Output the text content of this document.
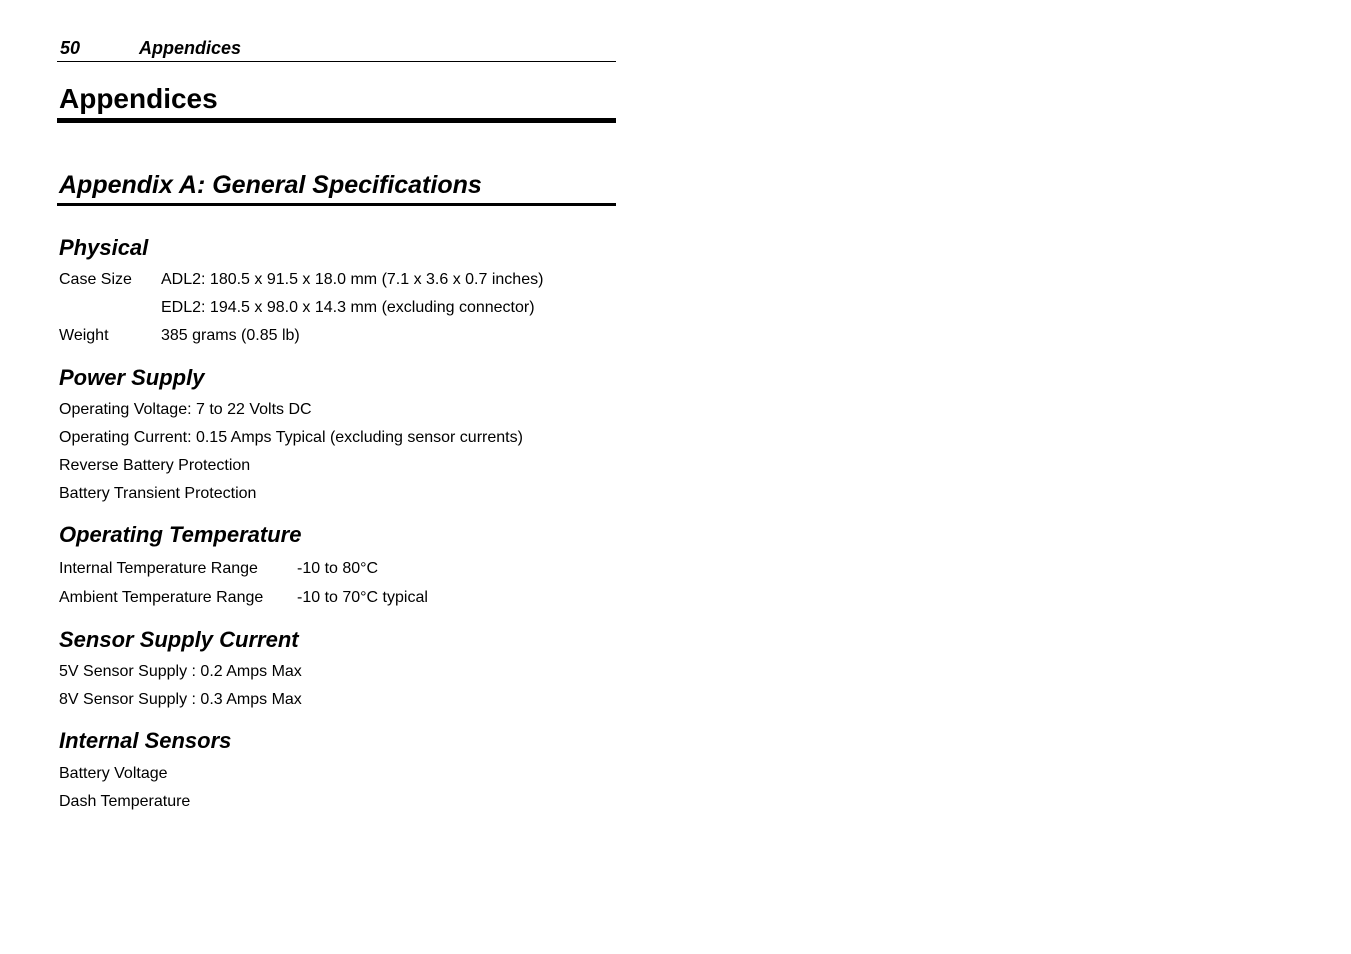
50	Appendices
Appendices
Appendix A: General Specifications
Physical
Case Size ADL2: 180.5 x 91.5 x 18.0 mm (7.1 x 3.6 x 0.7 inches)
EDL2: 194.5 x 98.0 x 14.3 mm (excluding connector)
Weight	385 grams (0.85 lb)
Power Supply
Operating Voltage: 7 to 22 Volts DC
Operating Current: 0.15 Amps Typical (excluding sensor currents)
Reverse Battery Protection
Battery Transient Protection
Operating Temperature
Internal Temperature Range -10 to 80°C
Ambient Temperature Range -10 to 70°C typical
Sensor Supply Current
5V Sensor Supply : 0.2 Amps Max
8V Sensor Supply : 0.3 Amps Max
Internal Sensors
Battery Voltage
Dash Temperature
